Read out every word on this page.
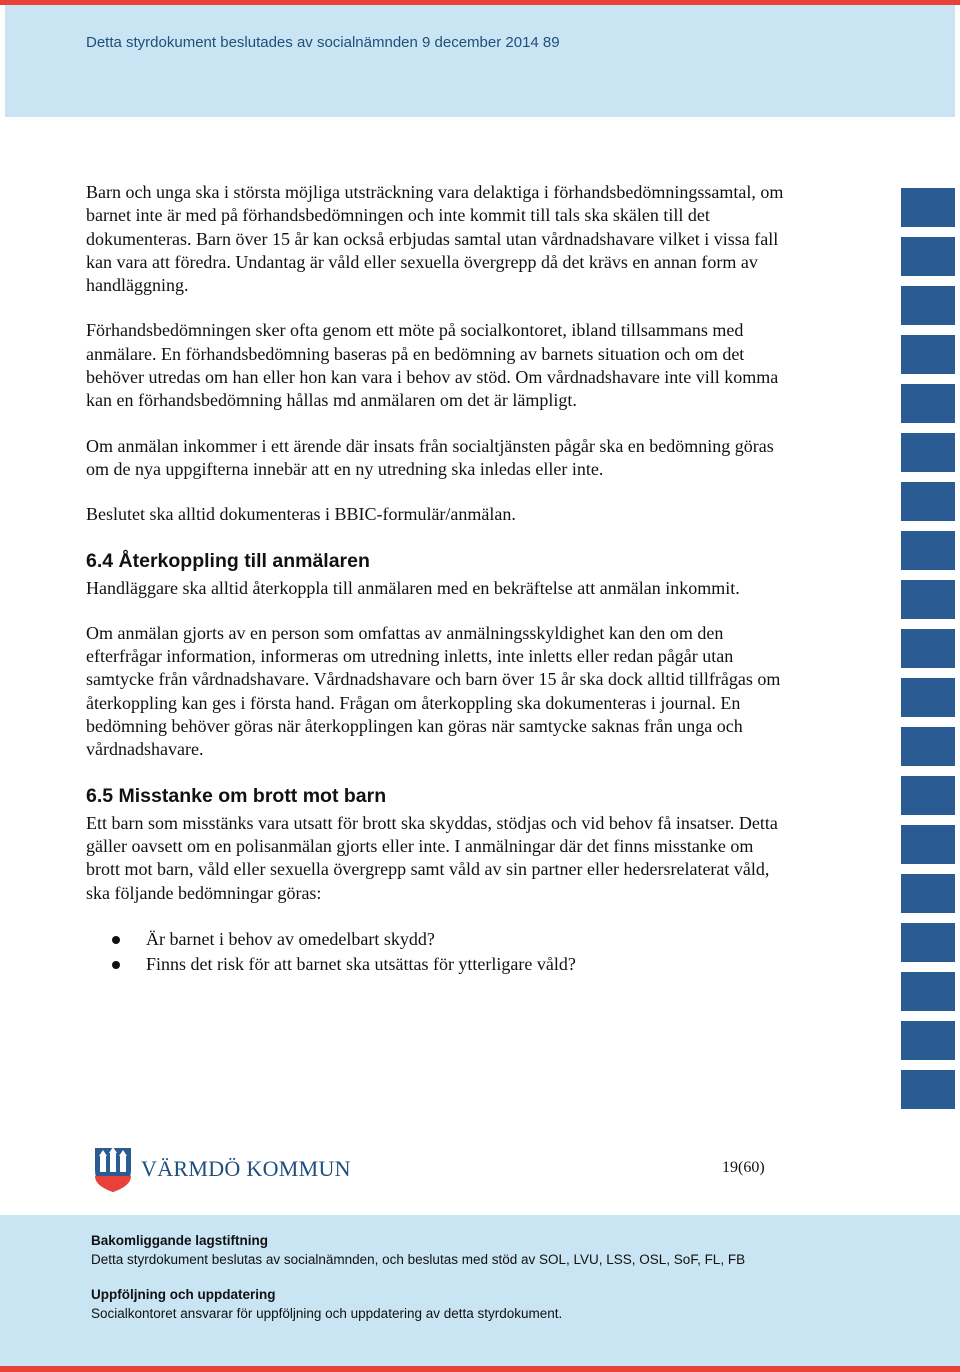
Detta styrdokument beslutades av socialnämnden 9 december 2014 89

Barn och unga ska i största möjliga utsträckning vara delaktiga i förhandsbedömningssamtal, om barnet inte är med på förhandsbedömningen och inte kommit till tals ska skälen till det dokumenteras. Barn över 15 år kan också erbjudas samtal utan vårdnadshavare vilket i vissa fall kan vara att föredra. Undantag är våld eller sexuella övergrepp då det krävs en annan form av handläggning.

Förhandsbedömningen sker ofta genom ett möte på socialkontoret, ibland tillsammans med anmälare. En förhandsbedömning baseras på en bedömning av barnets situation och om det behöver utredas om han eller hon kan vara i behov av stöd. Om vårdnadshavare inte vill komma kan en förhandsbedömning hållas md anmälaren om det är lämpligt.

Om anmälan inkommer i ett ärende där insats från socialtjänsten pågår ska en bedömning göras om de nya uppgifterna innebär att en ny utredning ska inledas eller inte.

Beslutet ska alltid dokumenteras i BBIC-formulär/anmälan.

6.4 Återkoppling till anmälaren

Handläggare ska alltid återkoppla till anmälaren med en bekräftelse att anmälan inkommit.

Om anmälan gjorts av en person som omfattas av anmälningsskyldighet kan den om den efterfrågar information, informeras om utredning inletts, inte inletts eller redan pågår utan samtycke från vårdnadshavare. Vårdnadshavare och barn över 15 år ska dock alltid tillfrågas om återkoppling kan ges i första hand. Frågan om återkoppling ska dokumenteras i journal. En bedömning behöver göras när återkopplingen kan göras när samtycke saknas från unga och vårdnadshavare.

6.5 Misstanke om brott mot barn

Ett barn som misstänks vara utsatt för brott ska skyddas, stödjas och vid behov få insatser. Detta gäller oavsett om en polisanmälan gjorts eller inte. I anmälningar där det finns misstanke om brott mot barn, våld eller sexuella övergrepp samt våld av sin partner eller hedersrelaterat våld, ska följande bedömningar göras:

Är barnet i behov av omedelbart skydd?
Finns det risk för att barnet ska utsättas för ytterligare våld?
VÄRMDÖ KOMMUN	19(60)
Bakomliggande lagstiftning
Detta styrdokument beslutas av socialnämnden, och beslutas med stöd av SOL, LVU, LSS, OSL, SoF, FL, FB
Uppföljning och uppdatering
Socialkontoret ansvarar för uppföljning och uppdatering av detta styrdokument.
